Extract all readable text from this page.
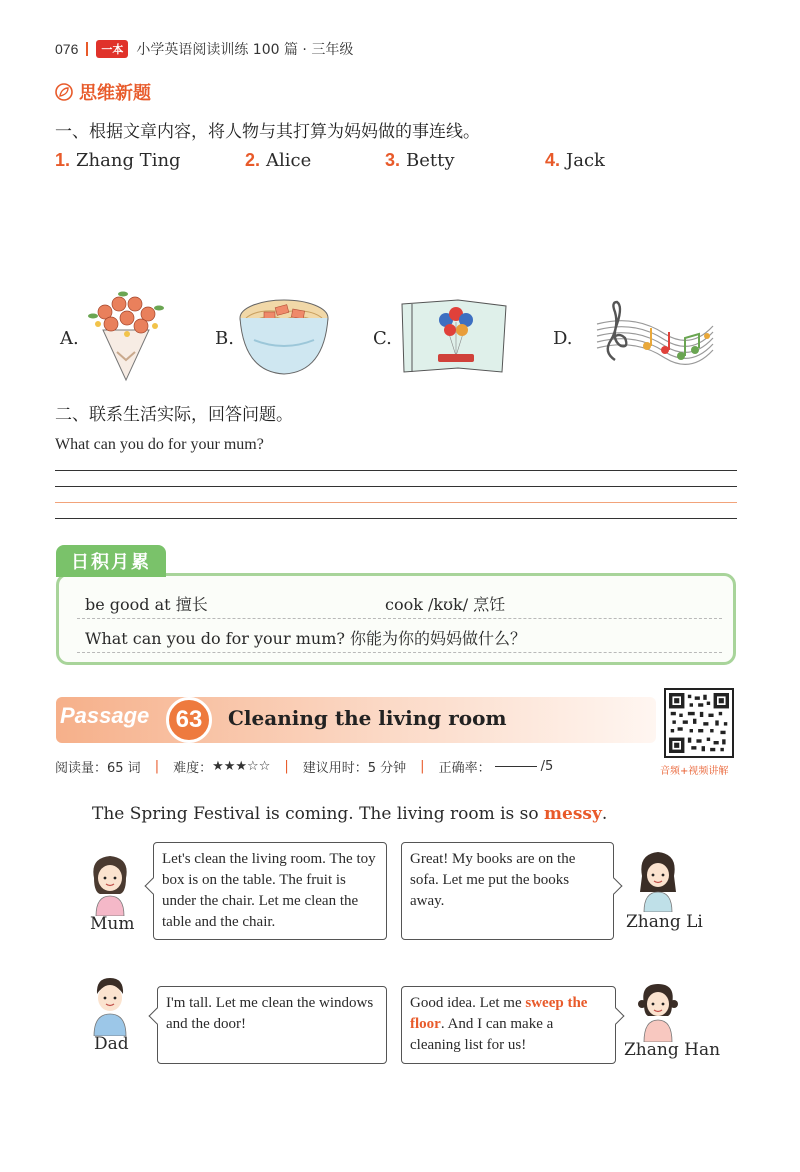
076	一本 小学英语阅读训练 100 篇 · 三年级
思维新题
一、根据文章内容，将人物与其打算为妈妈做的事连线。
1. Zhang Ting	2. Alice	3. Betty	4. Jack
A.	B.	C.	D.
二、联系生活实际，回答问题。
What can you do for your mum?
be good at 擅长	cook /kʊk/ 烹饪
What can you do for your mum? 你能为你的妈妈做什么？
日积月累
Passage	63	Cleaning the living room
音频+视频讲解
阅读量：65 词 | 难度： ★★★☆☆ | 建议用时：5 分钟 | 正确率：	/5
The Spring Festival is coming. The living room is so messy.
Mum
Let's clean the living room. The toy box is on the table. The fruit is under the chair. Let me clean the table and the chair.
Great! My books are on the sofa. Let me put the books away.
Zhang Li
Dad
I'm tall. Let me clean the windows and the door!
Good idea. Let me sweep the floor. And I can make a cleaning list for us!	Zhang Han
